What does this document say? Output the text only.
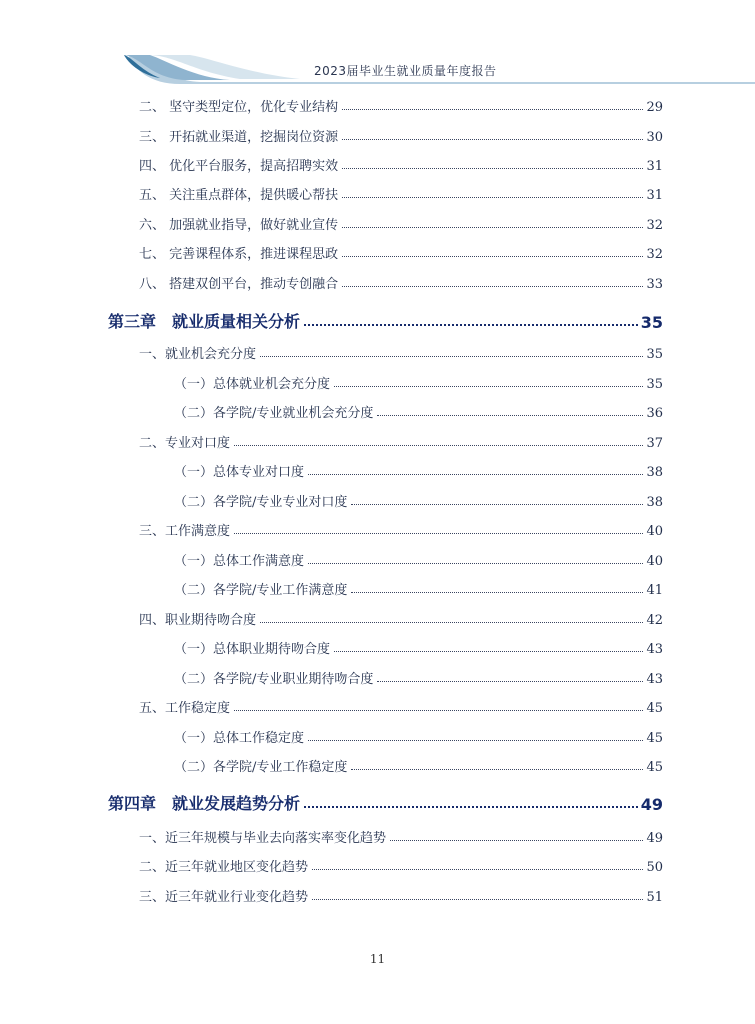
2023届毕业生就业质量年度报告
二、 坚守类型定位，优化专业结构	29
三、 开拓就业渠道，挖掘岗位资源	30
四、 优化平台服务，提高招聘实效	31
五、 关注重点群体，提供暖心帮扶	31
六、 加强就业指导，做好就业宣传	32
七、 完善课程体系，推进课程思政	32
八、 搭建双创平台，推动专创融合	33
第三章　就业质量相关分析	35
一、就业机会充分度	35
（一）总体就业机会充分度	35
（二）各学院/专业就业机会充分度	36
二、专业对口度	37
（一）总体专业对口度	38
（二）各学院/专业专业对口度	38
三、工作满意度	40
（一）总体工作满意度	40
（二）各学院/专业工作满意度	41
四、职业期待吻合度	42
（一）总体职业期待吻合度	43
（二）各学院/专业职业期待吻合度	43
五、工作稳定度	45
（一）总体工作稳定度	45
（二）各学院/专业工作稳定度	45
第四章　就业发展趋势分析	49
一、近三年规模与毕业去向落实率变化趋势	49
二、近三年就业地区变化趋势	50
三、近三年就业行业变化趋势	51
11
